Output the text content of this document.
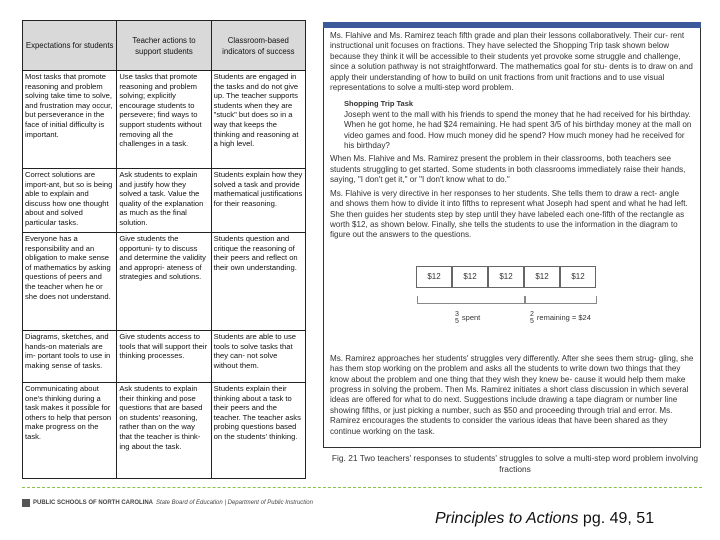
Expectations for students	Teacher actions to support students	Classroom-based indicators of success
Most tasks that promote reasoning and problem solving take time to solve, and frustration may occur, but perseverance in the face of initial difficulty is important.	Use tasks that promote reasoning and problem solving; explicitly encourage students to persevere; find ways to support students without removing all the challenges in a task.	Students are engaged in the tasks and do not give up. The teacher supports students when they are "stuck" but does so in a way that keeps the thinking and reasoning at a high level.
Correct solutions are import-ant, but so is being able to explain and discuss how one thought about and solved particular tasks.	Ask students to explain and justify how they solved a task. Value the quality of the explanation as much as the final solution.	Students explain how they solved a task and provide mathematical justifications for their reasoning.
Everyone has a responsibility and an obligation to make sense of mathematics by asking questions of peers and the teacher when he or she does not understand.	Give students the opportuni- ty to discuss and determine the validity and appropri- ateness of strategies and solutions.	Students question and critique the reasoning of their peers and reflect on their own understanding.
Diagrams, sketches, and hands-on materials are im- portant tools to use in making sense of tasks.	Give students access to tools that will support their thinking processes.	Students are able to use tools to solve tasks that they can- not solve without them.
Communicating about one's thinking during a task makes it possible for others to help that person make progress on the task.	Ask students to explain their thinking and pose questions that are based on students' reasoning, rather than on the way that the teacher is think- ing about the task.	Students explain their thinking about a task to their peers and the teacher. The teacher asks probing questions based on the students' thinking.

Ms. Flahive and Ms. Ramirez teach fifth grade and plan their lessons collaboratively. Their cur- rent instructional unit focuses on fractions. They have selected the Shopping Trip task shown below because they think it will be accessible to their students yet provoke some struggle and challenge, since a solution pathway is not straightforward. The mathematics goal for stu- dents is to draw on and apply their understanding of how to build on unit fractions from unit fractions and to use visual representations to solve a multi-step word problem.

Shopping Trip Task
Joseph went to the mall with his friends to spend the money that he had received for his birthday. When he got home, he had $24 remaining. He had spent 3/5 of his birthday money at the mall on video games and food. How much money did he spend? How much money had he received for his birthday?

When Ms. Flahive and Ms. Ramirez present the problem in their classrooms, both teachers see students struggling to get started. Some students in both classrooms immediately raise their hands, saying, "I don't get it," or "I don't know what to do."

Ms. Flahive is very directive in her responses to her students. She tells them to draw a rect- angle and shows them how to divide it into fifths to represent what Joseph had spent and what he had left. She then guides her students step by step until they have labeled each one-fifth of the rectangle as worth $12, as shown below. Finally, she tells the students to use the information in the diagram to figure out the answers to the questions.

$12	$12	$12	$12	$12
3
5 spent	2
5 remaining = $24

Ms. Ramirez approaches her students' struggles very differently. After she sees them strug- gling, she has them stop working on the problem and asks all the students to write down two things that they know about the problem and one thing that they wish they knew be- cause it would help them make progress in solving the probem. Then Ms. Ramirez initiates a short class discussion in which several ideas are offered for what to do next. Suggestions include drawing a tape diagram or number line showing fifths, or just picking a number, such as $50 and proceeding through trial and error. Ms. Ramirez encourages the students to consider the various ideas that have been shared as they continue working on the task.

Fig. 21 Two teachers' responses to students' struggles to solve a multi-step word problem involving fractions
PUBLIC SCHOOLS OF NORTH CAROLINA State Board of Education | Department of Public Instruction
Principles to Actions pg. 49, 51
